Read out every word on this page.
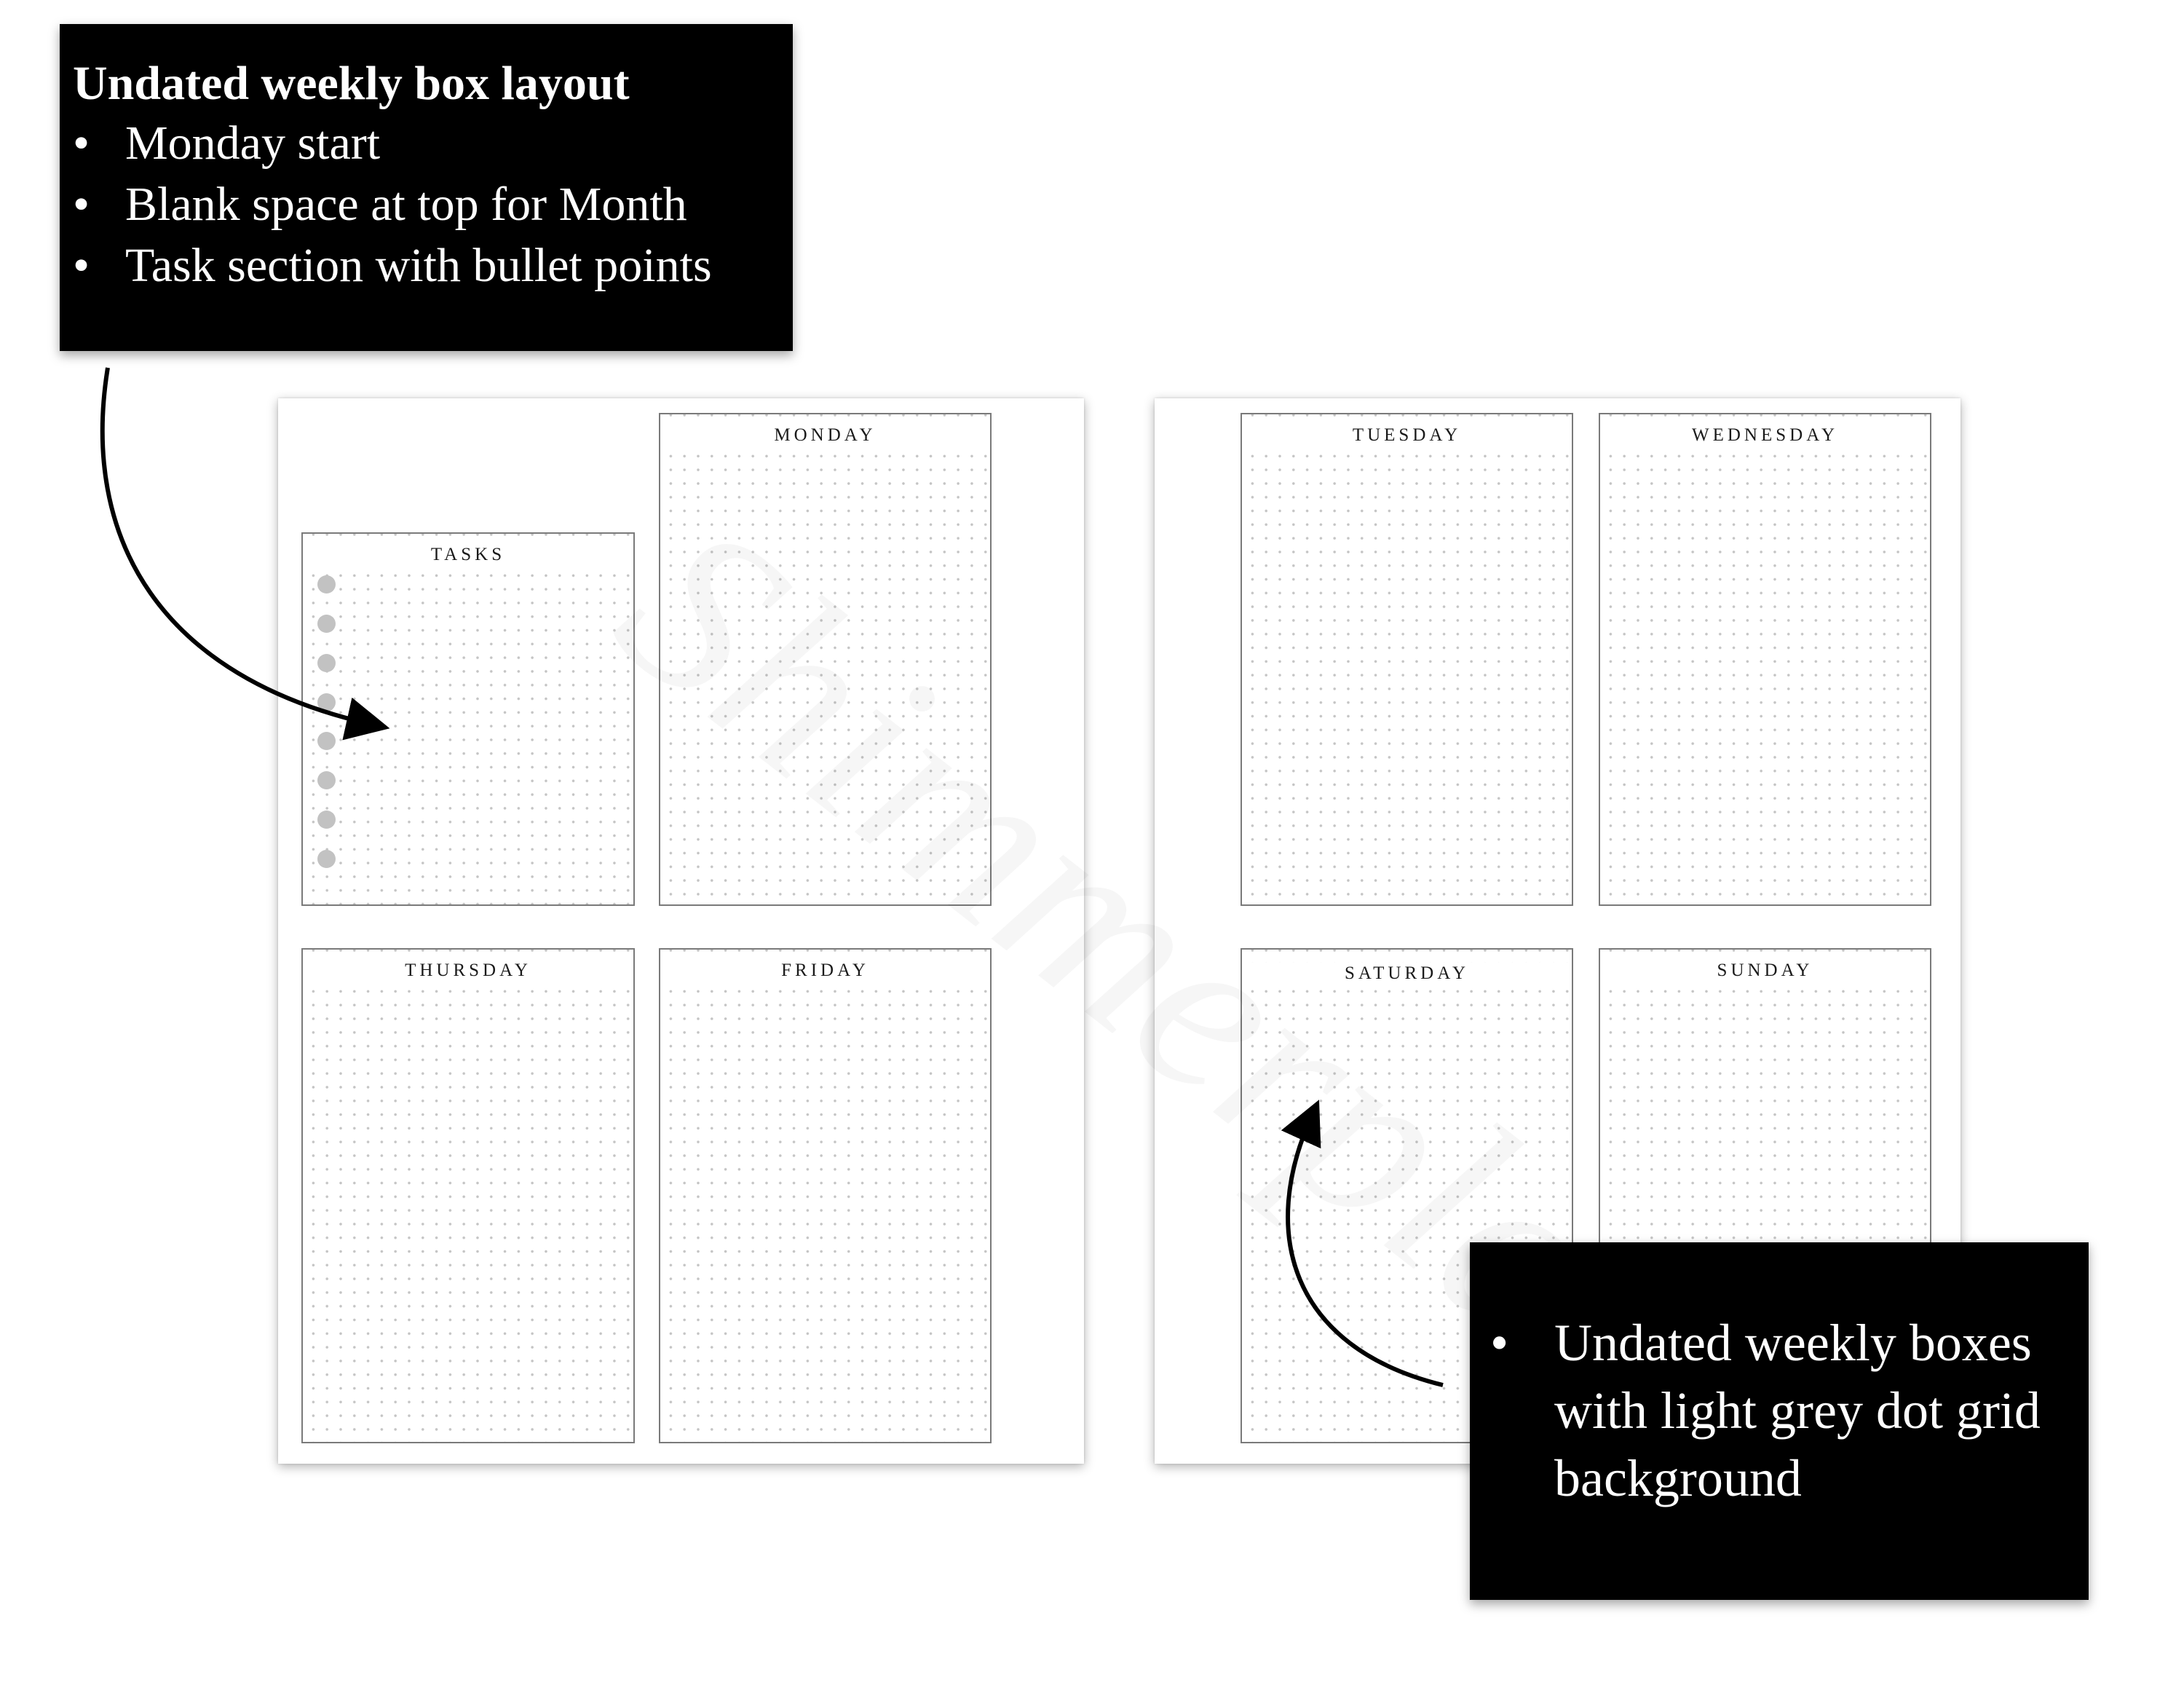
TASKS
MONDAY
THURSDAY	FRIDAY
TUESDAY	WEDNESDAY
SATURDAY	SUNDAY
Undated weekly box layout
• Monday start
• Blank space at top for Month
• Task section with bullet points
• Undated weekly boxes
with light grey dot grid
background
